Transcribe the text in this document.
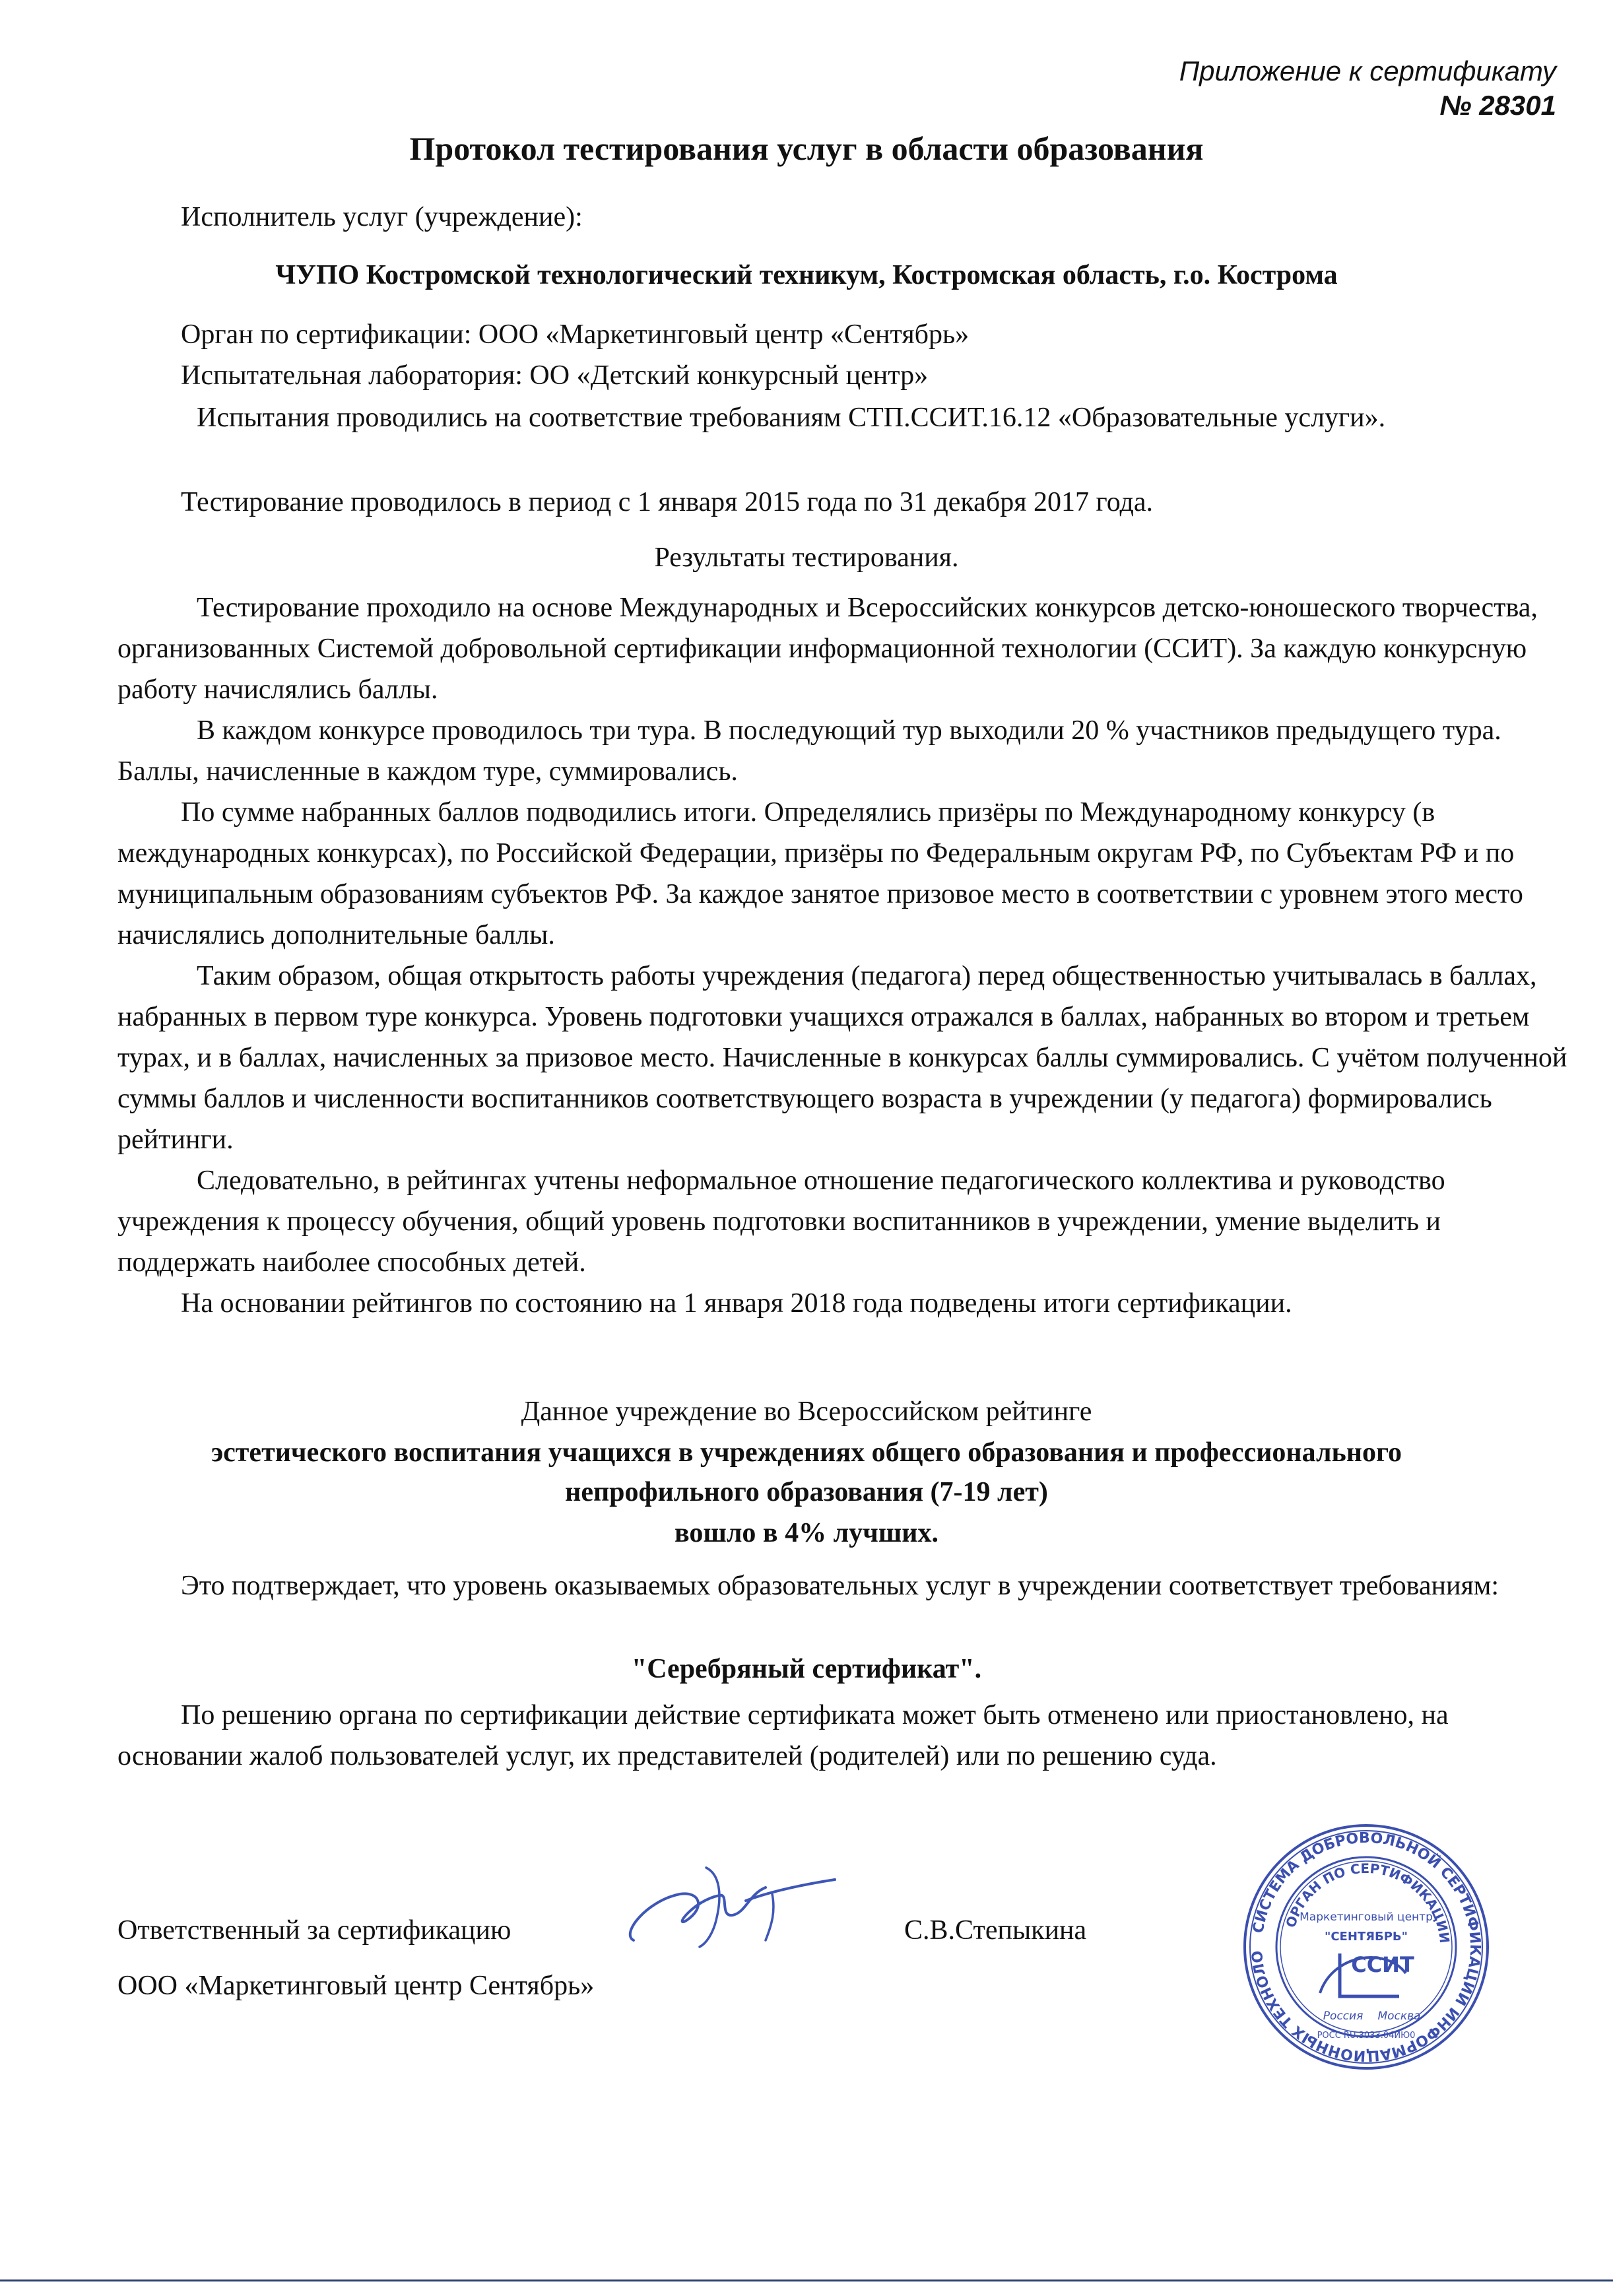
Приложение к сертификату
№ 28301
Протокол тестирования услуг в области образования
Исполнитель услуг (учреждение):
ЧУПО Костромской технологический техникум, Костромская область, г.о. Кострома
Орган по сертификации: ООО «Маркетинговый центр «Сентябрь»
Испытательная лаборатория: ОО «Детский конкурсный центр»

Испытания проводились на соответствие требованиям СТП.ССИТ.16.12 «Образовательные услуги».

Тестирование проводилось в период с 1 января 2015 года по 31 декабря 2017 года.
Результаты тестирования.

Тестирование проходило на основе Международных и Всероссийских конкурсов детско-юношеского творчества, организованных Системой добровольной сертификации информационной технологии (ССИТ). За каждую конкурсную работу начислялись баллы.

В каждом конкурсе проводилось три тура. В последующий тур выходили 20 % участников предыдущего тура. Баллы, начисленные в каждом туре, суммировались.

По сумме набранных баллов подводились итоги. Определялись призёры по Международному конкурсу (в международных конкурсах), по Российской Федерации, призёры по Федеральным округам РФ, по Субъектам РФ и по муниципальным образованиям субъектов РФ. За каждое занятое призовое место в соответствии с уровнем этого место начислялись дополнительные баллы.

Таким образом, общая открытость работы учреждения (педагога) перед общественностью учитывалась в баллах, набранных в первом туре конкурса. Уровень подготовки учащихся отражался в баллах, набранных во втором и третьем турах, и в баллах, начисленных за призовое место. Начисленные в конкурсах баллы суммировались. С учётом полученной суммы баллов и численности воспитанников соответствующего возраста в учреждении (у педагога) формировались рейтинги.

Следовательно, в рейтингах учтены неформальное отношение педагогического коллектива и руководство учреждения к процессу обучения, общий уровень подготовки воспитанников в учреждении, умение выделить и поддержать наиболее способных детей.

На основании рейтингов по состоянию на 1 января 2018 года подведены итоги сертификации.

Данное учреждение во Всероссийском рейтинге
эстетического воспитания учащихся в учреждениях общего образования и профессионального
непрофильного образования (7-19 лет)
вошло в 4% лучших.

Это подтверждает, что уровень оказываемых образовательных услуг в учреждении соответствует требованиям:

"Серебряный сертификат".

По решению органа по сертификации действие сертификата может быть отменено или приостановлено, на основании жалоб пользователей услуг, их представителей (родителей) или по решению суда.

Ответственный за сертификацию
ООО «Маркетинговый центр Сентябрь»
С.В.Степыкина	СИСТЕМА ДОБРОВОЛЬНОЙ СЕРТИФИКАЦИИ ИНФОРМАЦИОННЫХ ТЕХНОЛОГИЙ
ОРГАН ПО СЕРТИФИКАЦИИ
Маркетинговый центр
"СЕНТЯБРЬ"
ССИТ
Россия Москва
РОСС RU.3033.04ИЮ0
